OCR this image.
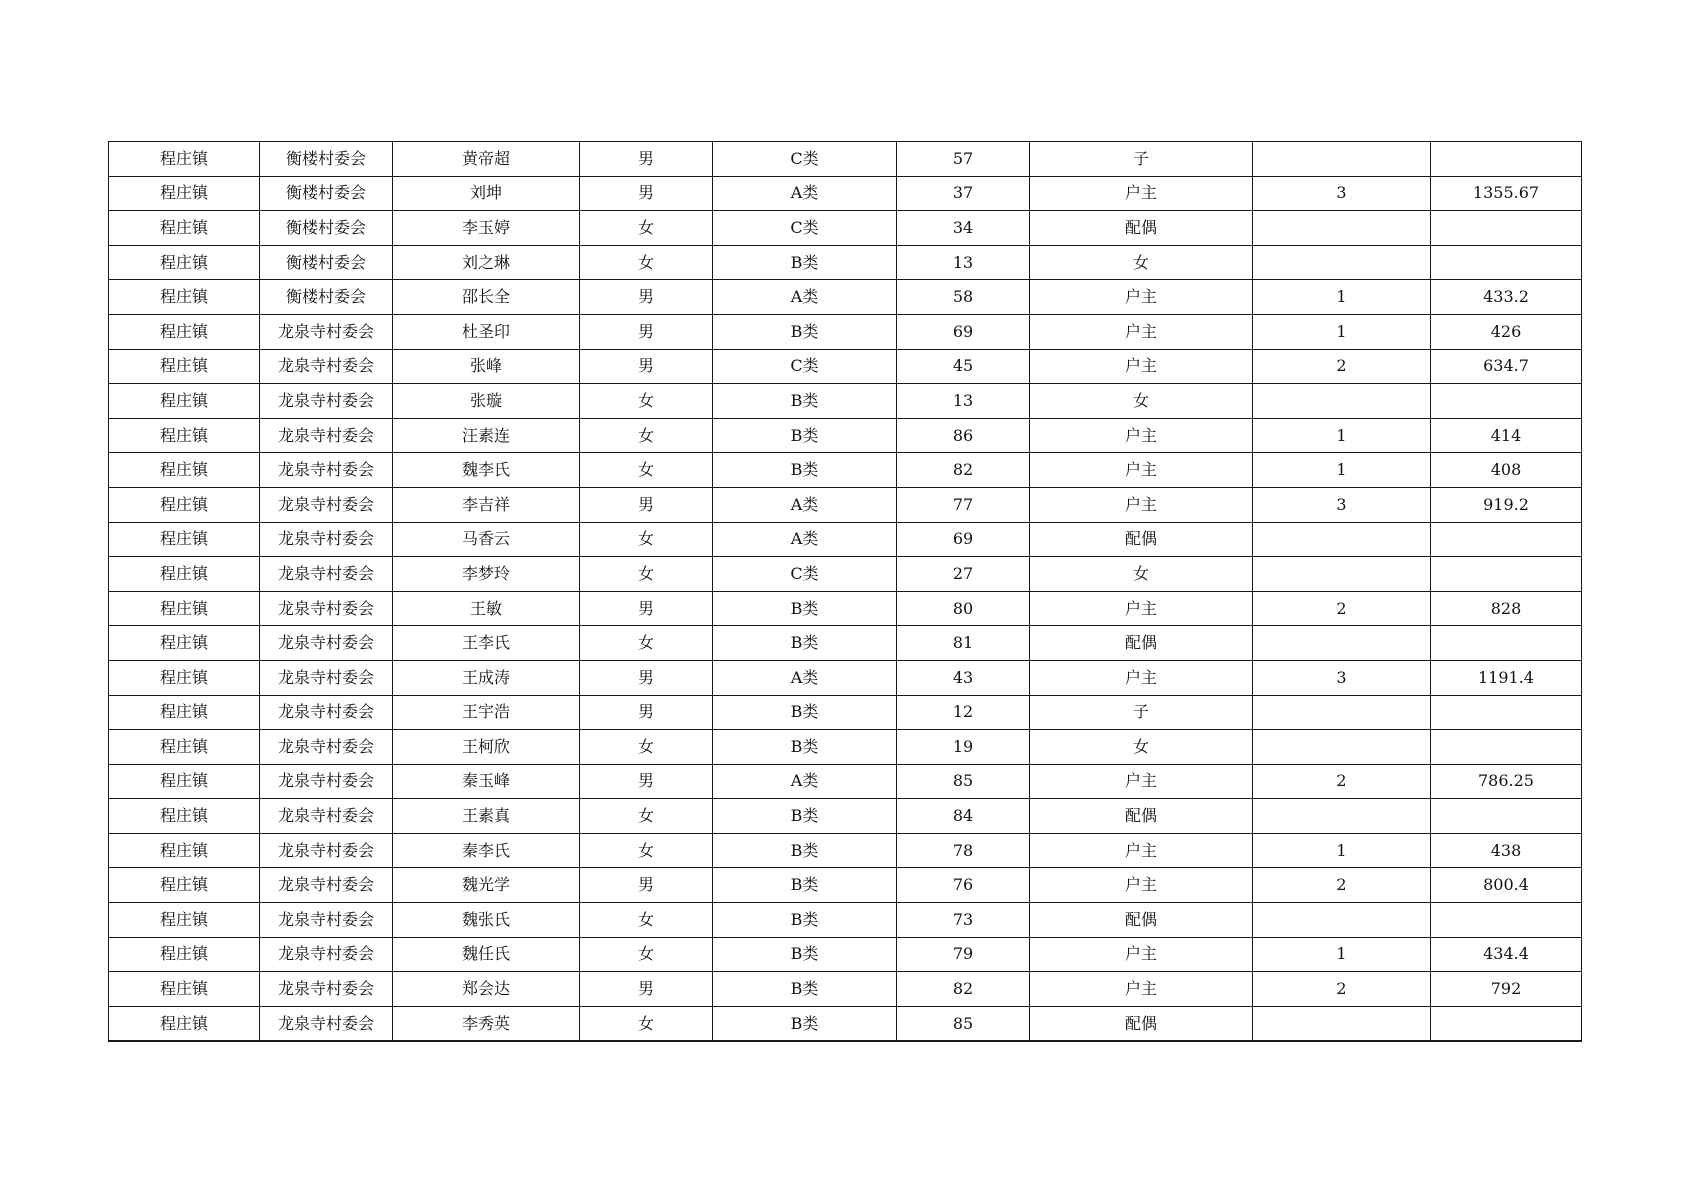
程庄镇	衡楼村委会	黄帝超	男	C类	57	子		
程庄镇	衡楼村委会	刘坤	男	A类	37	户主	3	1355.67
程庄镇	衡楼村委会	李玉婷	女	C类	34	配偶		
程庄镇	衡楼村委会	刘之琳	女	B类	13	女		
程庄镇	衡楼村委会	邵长全	男	A类	58	户主	1	433.2
程庄镇	龙泉寺村委会	杜圣印	男	B类	69	户主	1	426
程庄镇	龙泉寺村委会	张峰	男	C类	45	户主	2	634.7
程庄镇	龙泉寺村委会	张璇	女	B类	13	女		
程庄镇	龙泉寺村委会	汪素连	女	B类	86	户主	1	414
程庄镇	龙泉寺村委会	魏李氏	女	B类	82	户主	1	408
程庄镇	龙泉寺村委会	李吉祥	男	A类	77	户主	3	919.2
程庄镇	龙泉寺村委会	马香云	女	A类	69	配偶		
程庄镇	龙泉寺村委会	李梦玲	女	C类	27	女		
程庄镇	龙泉寺村委会	王敏	男	B类	80	户主	2	828
程庄镇	龙泉寺村委会	王李氏	女	B类	81	配偶		
程庄镇	龙泉寺村委会	王成涛	男	A类	43	户主	3	1191.4
程庄镇	龙泉寺村委会	王宇浩	男	B类	12	子		
程庄镇	龙泉寺村委会	王柯欣	女	B类	19	女		
程庄镇	龙泉寺村委会	秦玉峰	男	A类	85	户主	2	786.25
程庄镇	龙泉寺村委会	王素真	女	B类	84	配偶		
程庄镇	龙泉寺村委会	秦李氏	女	B类	78	户主	1	438
程庄镇	龙泉寺村委会	魏光学	男	B类	76	户主	2	800.4
程庄镇	龙泉寺村委会	魏张氏	女	B类	73	配偶		
程庄镇	龙泉寺村委会	魏任氏	女	B类	79	户主	1	434.4
程庄镇	龙泉寺村委会	郑会达	男	B类	82	户主	2	792
程庄镇	龙泉寺村委会	李秀英	女	B类	85	配偶		
